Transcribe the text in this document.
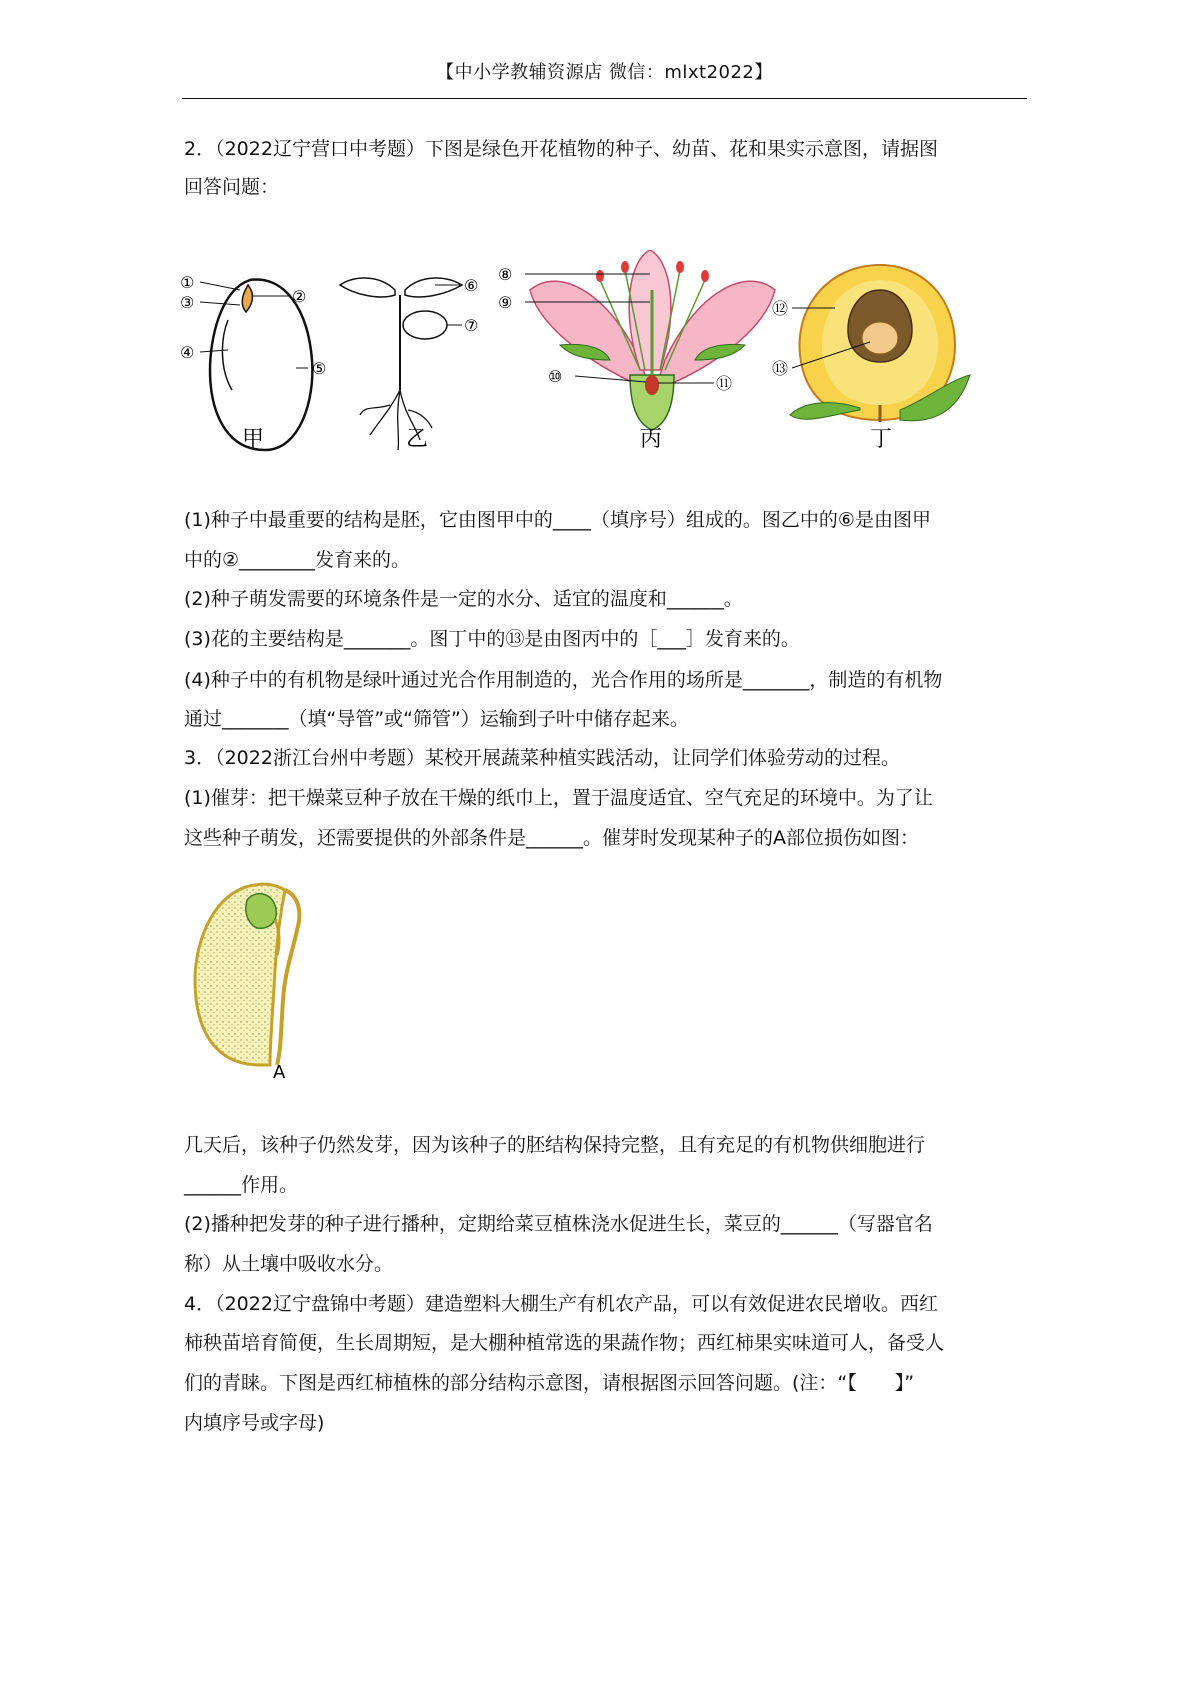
【中小学教辅资源店 微信：mlxt2022】
2．（2022辽宁营口中考题）下图是绿色开花植物的种子、幼苗、花和果实示意图，请据图
回答问题：
①
③
④
②
⑤
甲
⑥
⑦
乙
⑧
⑨
⑩	⑪
丙
⑫
⑬
丁
(1)种子中最重要的结构是胚，它由图甲中的____（填序号）组成的。图乙中的⑥是由图甲
中的②________发育来的。
(2)种子萌发需要的环境条件是一定的水分、适宜的温度和______。
(3)花的主要结构是_______。图丁中的⑬是由图丙中的［___］发育来的。
(4)种子中的有机物是绿叶通过光合作用制造的，光合作用的场所是_______，制造的有机物
通过_______（填“导管”或“筛管”）运输到子叶中储存起来。
3．（2022浙江台州中考题）某校开展蔬菜种植实践活动，让同学们体验劳动的过程。
(1)催芽：把干燥菜豆种子放在干燥的纸巾上，置于温度适宜、空气充足的环境中。为了让
这些种子萌发，还需要提供的外部条件是______。催芽时发现某种子的A部位损伤如图：
A
几天后，该种子仍然发芽，因为该种子的胚结构保持完整，且有充足的有机物供细胞进行
______作用。
(2)播种把发芽的种子进行播种，定期给菜豆植株浇水促进生长，菜豆的______（写器官名
称）从土壤中吸收水分。
4．（2022辽宁盘锦中考题）建造塑料大棚生产有机农产品，可以有效促进农民增收。西红
柿秧苗培育简便，生长周期短，是大棚种植常选的果蔬作物；西红柿果实味道可人，备受人
们的青睐。下图是西红柿植株的部分结构示意图，请根据图示回答问题。(注：“【　　】”
内填序号或字母)
